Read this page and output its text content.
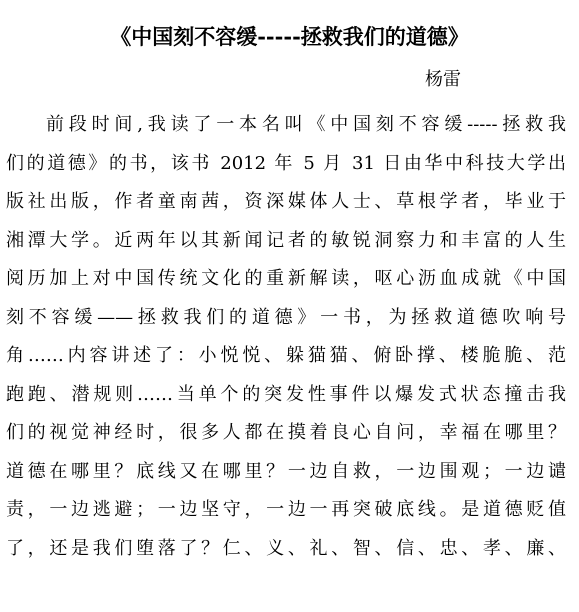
《中国刻不容缓-----拯救我们的道德》
杨雷
前段时间,我读了一本名叫《中国刻不容缓-----拯救我
们的道德》的书，该书 2012 年 5 月 31 日由华中科技大学出
版社出版，作者童南茜，资深媒体人士、草根学者，毕业于
湘潭大学。近两年以其新闻记者的敏锐洞察力和丰富的人生
阅历加上对中国传统文化的重新解读，呕心沥血成就《中国
刻不容缓——拯救我们的道德》一书，为拯救道德吹响号
角……内容讲述了：小悦悦、躲猫猫、俯卧撑、楼脆脆、范
跑跑、潜规则……当单个的突发性事件以爆发式状态撞击我
们的视觉神经时，很多人都在摸着良心自问，幸福在哪里？
道德在哪里？底线又在哪里？一边自救，一边围观；一边谴
责，一边逃避；一边坚守，一边一再突破底线。是道德贬值
了，还是我们堕落了？仁、义、礼、智、信、忠、孝、廉、
